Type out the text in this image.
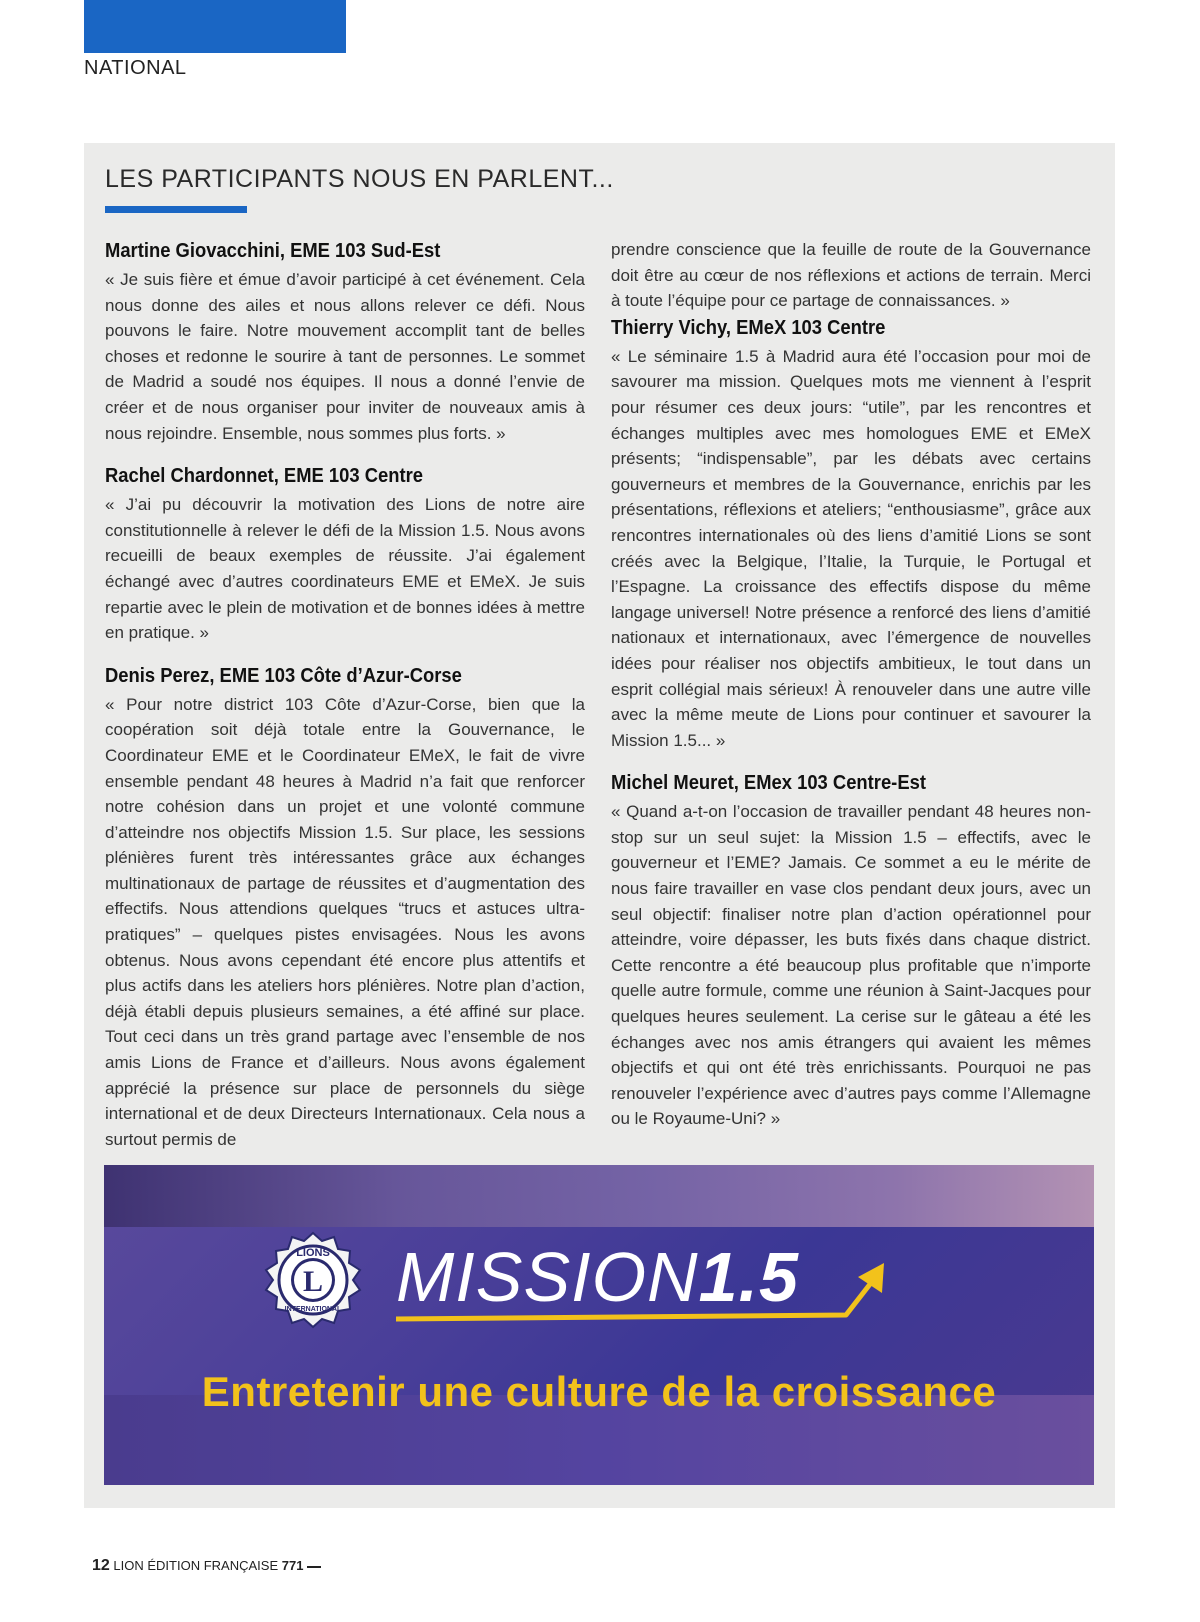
NATIONAL
LES PARTICIPANTS NOUS EN PARLENT...
Martine Giovacchini, EME 103 Sud-Est

« Je suis fière et émue d’avoir participé à cet événement. Cela nous donne des ailes et nous allons relever ce défi. Nous pouvons le faire. Notre mouvement accomplit tant de belles choses et redonne le sourire à tant de personnes. Le sommet de Madrid a soudé nos équipes. Il nous a donné l’envie de créer et de nous organiser pour inviter de nouveaux amis à nous rejoindre. Ensemble, nous sommes plus forts. »

Rachel Chardonnet, EME 103 Centre

« J’ai pu découvrir la motivation des Lions de notre aire constitutionnelle à relever le défi de la Mission 1.5. Nous avons recueilli de beaux exemples de réussite. J’ai également échangé avec d’autres coordinateurs EME et EMeX. Je suis repartie avec le plein de motivation et de bonnes idées à mettre en pratique. »

Denis Perez, EME 103 Côte d’Azur-Corse

« Pour notre district 103 Côte d’Azur-Corse, bien que la coopération soit déjà totale entre la Gouvernance, le Coordinateur EME et le Coordinateur EMeX, le fait de vivre ensemble pendant 48 heures à Madrid n’a fait que renforcer notre cohésion dans un projet et une volonté commune d’atteindre nos objectifs Mission 1.5. Sur place, les sessions plénières furent très intéressantes grâce aux échanges multinationaux de partage de réussites et d’augmentation des effectifs. Nous attendions quelques “trucs et astuces ultra-pratiques” – quelques pistes envisagées. Nous les avons obtenus. Nous avons cependant été encore plus attentifs et plus actifs dans les ateliers hors plénières. Notre plan d’action, déjà établi depuis plusieurs semaines, a été affiné sur place. Tout ceci dans un très grand partage avec l’ensemble de nos amis Lions de France et d’ailleurs. Nous avons également apprécié la présence sur place de personnels du siège international et de deux Directeurs Internationaux. Cela nous a surtout permis de

prendre conscience que la feuille de route de la Gouvernance doit être au cœur de nos réflexions et actions de terrain. Merci à toute l’équipe pour ce partage de connaissances. »

Thierry Vichy, EMeX 103 Centre

« Le séminaire 1.5 à Madrid aura été l’occasion pour moi de savourer ma mission. Quelques mots me viennent à l’esprit pour résumer ces deux jours: “utile”, par les rencontres et échanges multiples avec mes homologues EME et EMeX présents; “indispensable”, par les débats avec certains gouverneurs et membres de la Gouvernance, enrichis par les présentations, réflexions et ateliers; “enthousiasme”, grâce aux rencontres internationales où des liens d’amitié Lions se sont créés avec la Belgique, l’Italie, la Turquie, le Portugal et l’Espagne. La croissance des effectifs dispose du même langage universel! Notre présence a renforcé des liens d’amitié nationaux et internationaux, avec l’émergence de nouvelles idées pour réaliser nos objectifs ambitieux, le tout dans un esprit collégial mais sérieux! À renouveler dans une autre ville avec la même meute de Lions pour continuer et savourer la Mission 1.5... »

Michel Meuret, EMex 103 Centre-Est

« Quand a-t-on l’occasion de travailler pendant 48 heures non-stop sur un seul sujet: la Mission 1.5 – effectifs, avec le gouverneur et l’EME? Jamais. Ce sommet a eu le mérite de nous faire travailler en vase clos pendant deux jours, avec un seul objectif: finaliser notre plan d’action opérationnel pour atteindre, voire dépasser, les buts fixés dans chaque district. Cette rencontre a été beaucoup plus profitable que n’importe quelle autre formule, comme une réunion à Saint-Jacques pour quelques heures seulement. La cerise sur le gâteau a été les échanges avec nos amis étrangers qui avaient les mêmes objectifs et qui ont été très enrichissants. Pourquoi ne pas renouveler l’expérience avec d’autres pays comme l’Allemagne ou le Royaume-Uni? »

L
LIONS
INTERNATIONAL MISSION1.5
Entretenir une culture de la croissance
12 LION ÉDITION FRANÇAISE 771
